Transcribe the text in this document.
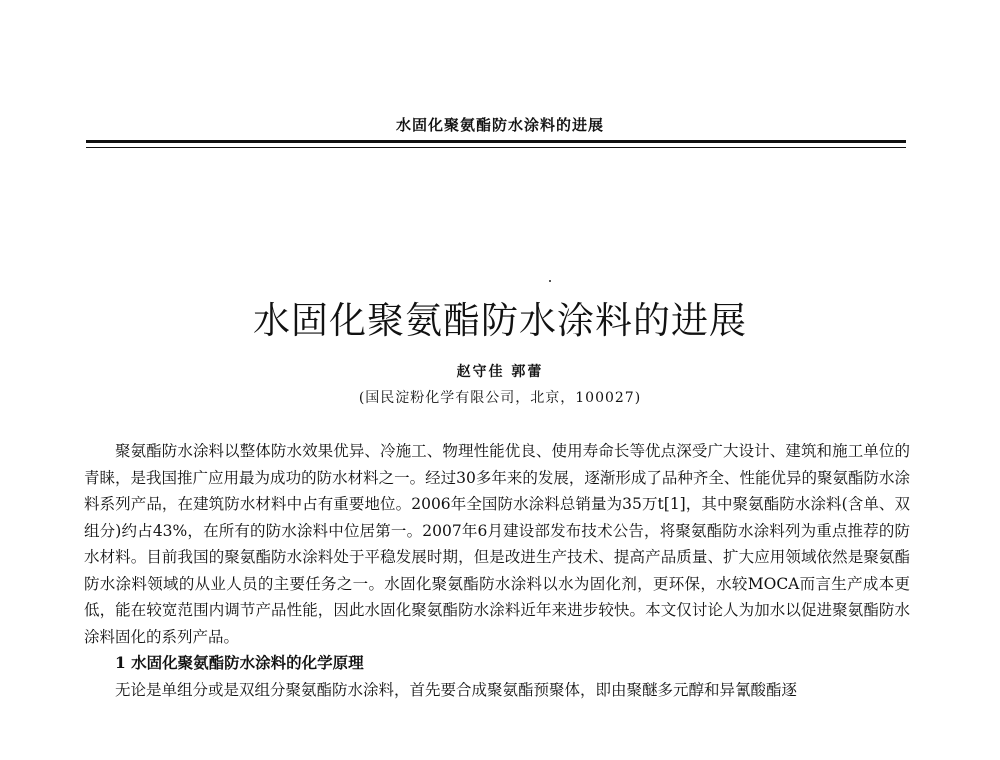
水固化聚氨酯防水涂料的进展
水固化聚氨酯防水涂料的进展
赵守佳 郭蕾
(国民淀粉化学有限公司，北京，100027)

聚氨酯防水涂料以整体防水效果优异、冷施工、物理性能优良、使用寿命长等优点深受广大设计、建筑和施工单位的青睐，是我国推广应用最为成功的防水材料之一。经过30多年来的发展，逐渐形成了品种齐全、性能优异的聚氨酯防水涂料系列产品，在建筑防水材料中占有重要地位。2006年全国防水涂料总销量为35万t[1]，其中聚氨酯防水涂料(含单、双组分)约占43%，在所有的防水涂料中位居第一。2007年6月建设部发布技术公告，将聚氨酯防水涂料列为重点推荐的防水材料。目前我国的聚氨酯防水涂料处于平稳发展时期，但是改进生产技术、提高产品质量、扩大应用领域依然是聚氨酯防水涂料领域的从业人员的主要任务之一。水固化聚氨酯防水涂料以水为固化剂，更环保，水较MOCA而言生产成本更低，能在较宽范围内调节产品性能，因此水固化聚氨酯防水涂料近年来进步较快。本文仅讨论人为加水以促进聚氨酯防水涂料固化的系列产品。

1 水固化聚氨酯防水涂料的化学原理

无论是单组分或是双组分聚氨酯防水涂料，首先要合成聚氨酯预聚体，即由聚醚多元醇和异氰酸酯逐
